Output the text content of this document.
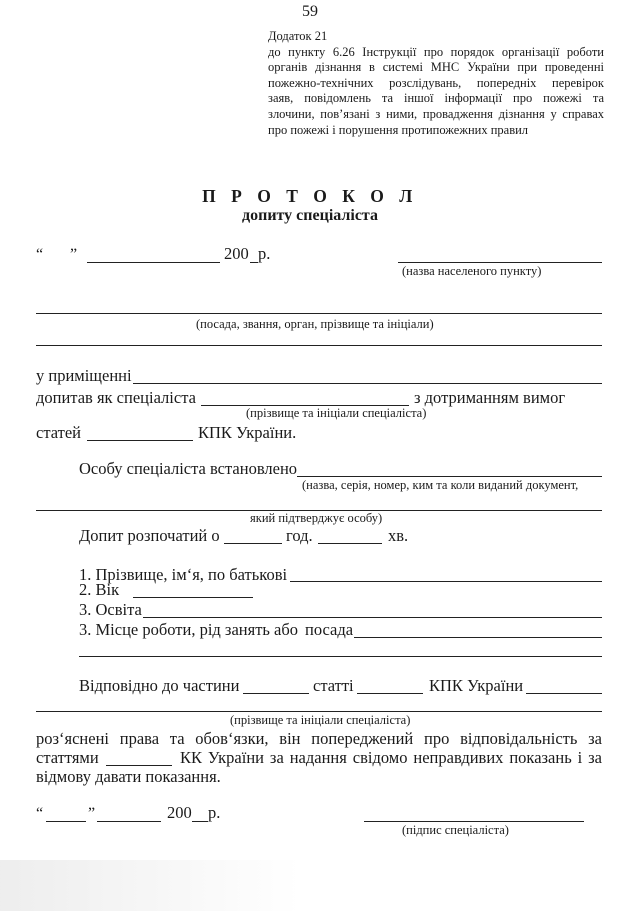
59
Додаток 21
до пункту 6.26 Інструкції про порядок організації роботи
органів дізнання в системі МНС України при проведенні
пожежно-технічних розслідувань, попередніх перевірок
заяв, повідомлень та іншої інформації про пожежі та
злочини, пов’язані з ними, провадження дізнання у справах
про пожежі і порушення протипожежних правил
П Р О Т О К О Л
допиту спеціаліста
“ ”	200 р.
(назва населеного пункту)
(посада, звання, орган, прізвище та ініціали)
у приміщенні
допитав як спеціаліста	з дотриманням вимог
(прізвище та ініціали спеціаліста)
статей	КПК України.
Особу спеціаліста встановлено
(назва, серія, номер, ким та коли виданий документ,
який підтверджує особу)
Допит розпочатий о	год.	хв.
1. Прізвище, ім‘я, по батькові
2. Вік
3. Освіта
3. Місце роботи, рід занять або посада
Відповідно до частини	статті	КПК України
(прізвище та ініціали спеціаліста)
роз‘яснені права та обов‘язки, він попереджений про відповідальність за
статтями	КК України за надання свідомо неправдивих показань і за
відмову давати показання.
“	”	200 р.
(підпис спеціаліста)
